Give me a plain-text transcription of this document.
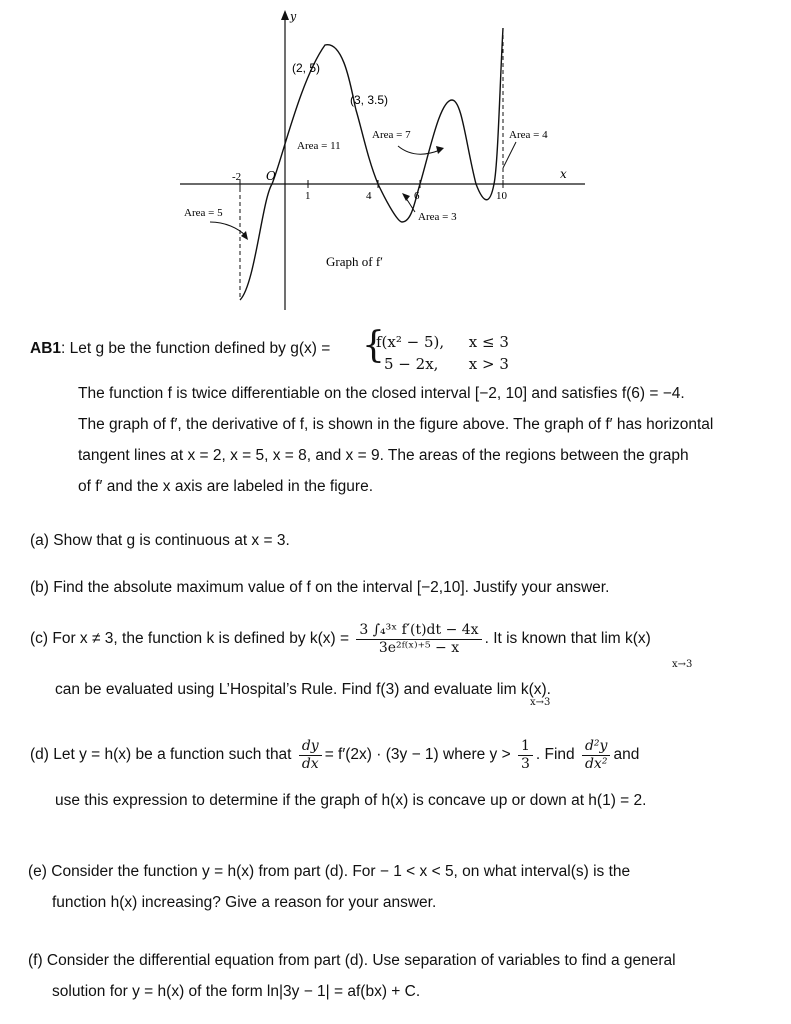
y
x
O
(2, 5)
(3, 3.5)
Area = 11
Area = 7	Area = 4
Area = 5	Area = 3
-2
1	4	6	10
Graph of f′
AB1: Let g be the function defined by g(x) = {
f(x² − 5), x ≤ 3
5 − 2x, x > 3
The function f is twice differentiable on the closed interval [−2, 10] and satisfies f(6) = −4.
The graph of f′, the derivative of f, is shown in the figure above. The graph of f′ has horizontal
tangent lines at x = 2, x = 5, x = 8, and x = 9. The areas of the regions between the graph
of f′ and the x axis are labeled in the figure.
(a) Show that g is continuous at x = 3.
(b) Find the absolute maximum value of f on the interval [−2,10]. Justify your answer.
(c) For x ≠ 3, the function k is defined by $k(x) = \frac{\text{3 ∫₄³ˣ f′(t)dt − 4x}}{\text{3e²ᶠ⁽ˣ⁾⁺⁵ − x}}$ . It is known that lim k(x)
x→3
can be evaluated using L’Hospital’s Rule. Find f(3) and evaluate lim k(x).
x→3
(d) Let y = h(x) be a function such that $\frac{dy}{dx} = f'(2x) \cdot (3y - 1)$ where $y > \frac{1}{3}$ . Find $\frac{\text{d²y}}{\text{dx²}}$ and
use this expression to determine if the graph of h(x) is concave up or down at h(1) = 2.
(e) Consider the function y = h(x) from part (d). For − 1 < x < 5, on what interval(s) is the
function h(x) increasing? Give a reason for your answer.
(f) Consider the differential equation from part (d). Use separation of variables to find a general
solution for y = h(x) of the form ln|3y − 1| = af(bx) + C.
